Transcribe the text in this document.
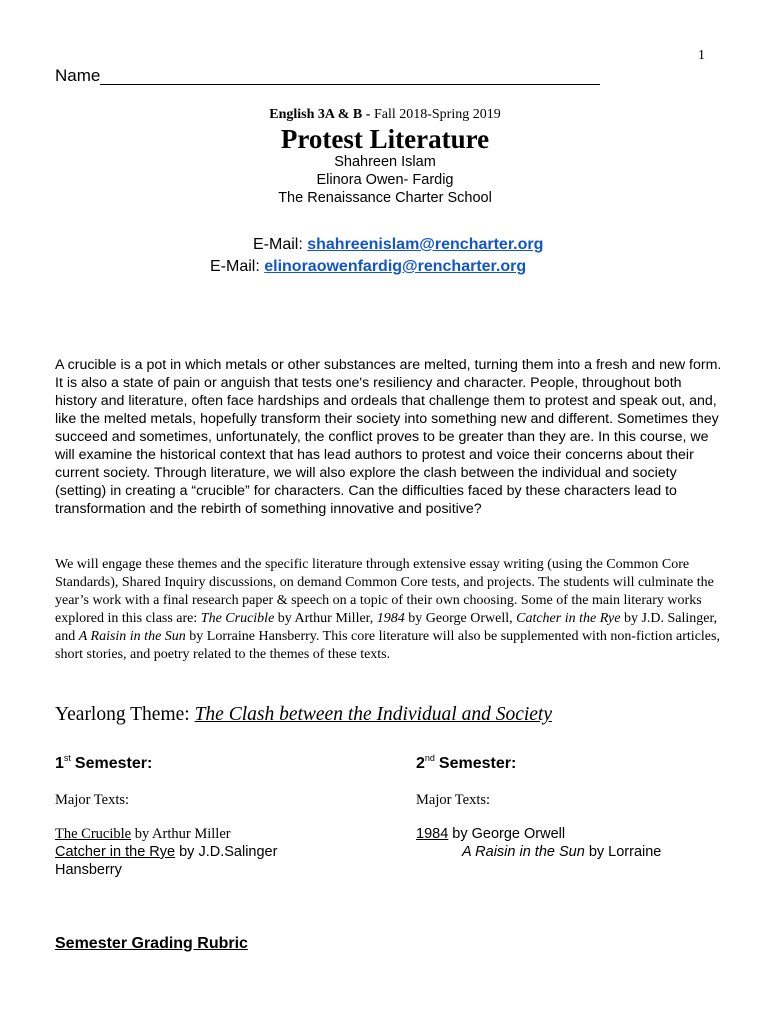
1
Name
English 3A & B - Fall 2018-Spring 2019
Protest Literature
Shahreen Islam
Elinora Owen- Fardig
The Renaissance Charter School
E-Mail: shahreenislam@rencharter.org
E-Mail: elinoraowenfardig@rencharter.org

A crucible is a pot in which metals or other substances are melted, turning them into a fresh and new form. It is also a state of pain or anguish that tests one's resiliency and character. People, throughout both history and literature, often face hardships and ordeals that challenge them to protest and speak out, and, like the melted metals, hopefully transform their society into something new and different. Sometimes they succeed and sometimes, unfortunately, the conflict proves to be greater than they are. In this course, we will examine the historical context that has lead authors to protest and voice their concerns about their current society. Through literature, we will also explore the clash between the individual and society (setting) in creating a “crucible” for characters. Can the difficulties faced by these characters lead to transformation and the rebirth of something innovative and positive?

We will engage these themes and the specific literature through extensive essay writing (using the Common Core Standards), Shared Inquiry discussions, on demand Common Core tests, and projects. The students will culminate the year’s work with a final research paper & speech on a topic of their own choosing. Some of the main literary works explored in this class are: The Crucible by Arthur Miller, 1984 by George Orwell, Catcher in the Rye by J.D. Salinger, and A Raisin in the Sun by Lorraine Hansberry. This core literature will also be supplemented with non-fiction articles, short stories, and poetry related to the themes of these texts.

Yearlong Theme: The Clash between the Individual and Society
1st Semester:	2nd Semester:
Major Texts:	Major Texts:
The Crucible by Arthur Miller
Catcher in the Rye by J.D.Salinger
Hansberry
1984 by George Orwell
A Raisin in the Sun by Lorraine
Semester Grading Rubric
